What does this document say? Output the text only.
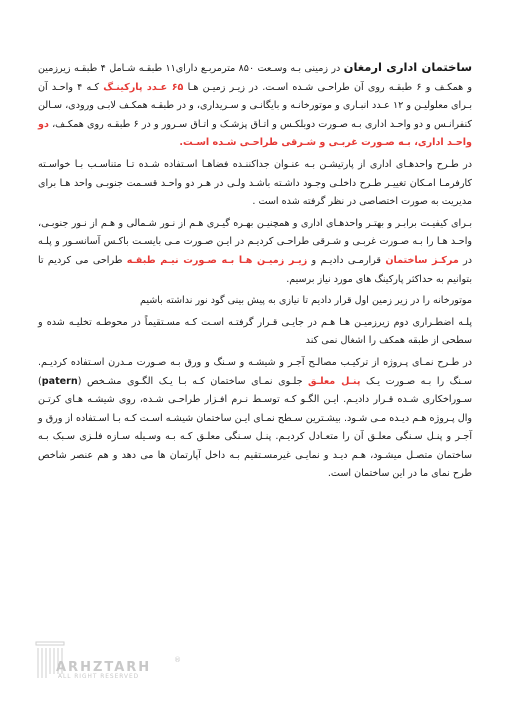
ساختمان اداری ارمغان در زمینی بـه وسـعت ۸۵۰ مترمربـع دارای۱۱ طبقـه شـامل ۴ طبقـه زیرزمین و همکـف و ۶ طبقـه روی آن طراحـی شـده اسـت. در زیـر زمیـن هـا ۶۵ عـدد پارکینـگ کـه ۴ واحـد آن بـرای معلولیـن و ۱۲ عـدد انبـاری و موتورخانـه و بایگانـی و سـریداری، و در طبقـه همکـف لابـی ورودی، سـالن کنفرانـس و دو واحـد اداری بـه صـورت دوبلکـس و اتـاق پزشـک و اتـاق سـرور و در ۶ طبقـه روی همکـف، دو واحـد اداری، بـه صـورت غربـی و شـرقی طراحـی شـده اسـت.

در طـرح واحدهـای اداری از پارتیشـن بـه عنـوان جداکننـده فضاهـا اسـتفاده شـده تـا متناسـب بـا خواسـته کارفرمـا امـکان تغییـر طـرح داخلـی وجـود داشـته باشـد ولـی در هـر دو واحـد قسـمت جنوبـی واحد هـا برای مدیریت به صورت اختصاصی در نظر گرفته شده است .

بـرای کیفیـت برابـر و بهتـر واحدهـای اداری و همچنیـن بهـره گیـری هـم از نـور شـمالی و هـم از نـور جنوبـی، واحـد هـا را بـه صـورت غربـی و شـرقی طراحـی کردیـم در ایـن صـورت مـی بایسـت باکـس آسانسـور و پلـه در مرکـز ساختمان قرارمـی دادیـم و زیـر زمیـن هـا بـه صـورت نیـم طبقـه طراحی می کردیم تا بتوانیم به حداکثر پارکینگ های مورد نیاز برسیم.

موتورخانه را در زیر زمین اول قرار دادیم تا نیازی به پیش بینی گود نور نداشته باشیم

پلـه اضطـراری دوم زیرزمیـن هـا هـم در جایـی قـرار گرفتـه اسـت کـه مسـتقیماً در محوطـه تخلیـه شده و سطحی از طبقه همکف را اشغال نمی کند

در طـرح نمـای پـروژه از ترکیـب مصالـح آجـر و شیشـه و سـنگ و ورق بـه صـورت مـدرن اسـتفاده کردیـم. سـنگ را بـه صـورت یـک پنـل معلـق جلـوی نمـای ساختمان کـه بـا یـک الگـوی مشـخص (patern) سـوراخکاری شـده قـرار دادیـم. ایـن الگـو کـه توسـط نـرم افـزار طراحـی شـده، روی شیشـه هـای کرتـن وال پـروژه هـم دیـده مـی شـود. بیشـترین سـطح نمـای ایـن ساختمان شیشـه اسـت کـه بـا اسـتفاده از ورق و آجـر و پنـل سـنگی معلـق آن را متعـادل کردیـم. پنـل سـنگی معلـق کـه بـه وسـیله سـازه فلـزی سـبک بـه ساختمان متصـل میشـود، هـم دیـد و نمایـی غیرمسـتقیم بـه داخل آپارتمان ها می دهد و هم عنصر شاخص طرح نمای ما در این ساختمان است.

ARHZTARH	®
ALL RIGHT RESERVED
